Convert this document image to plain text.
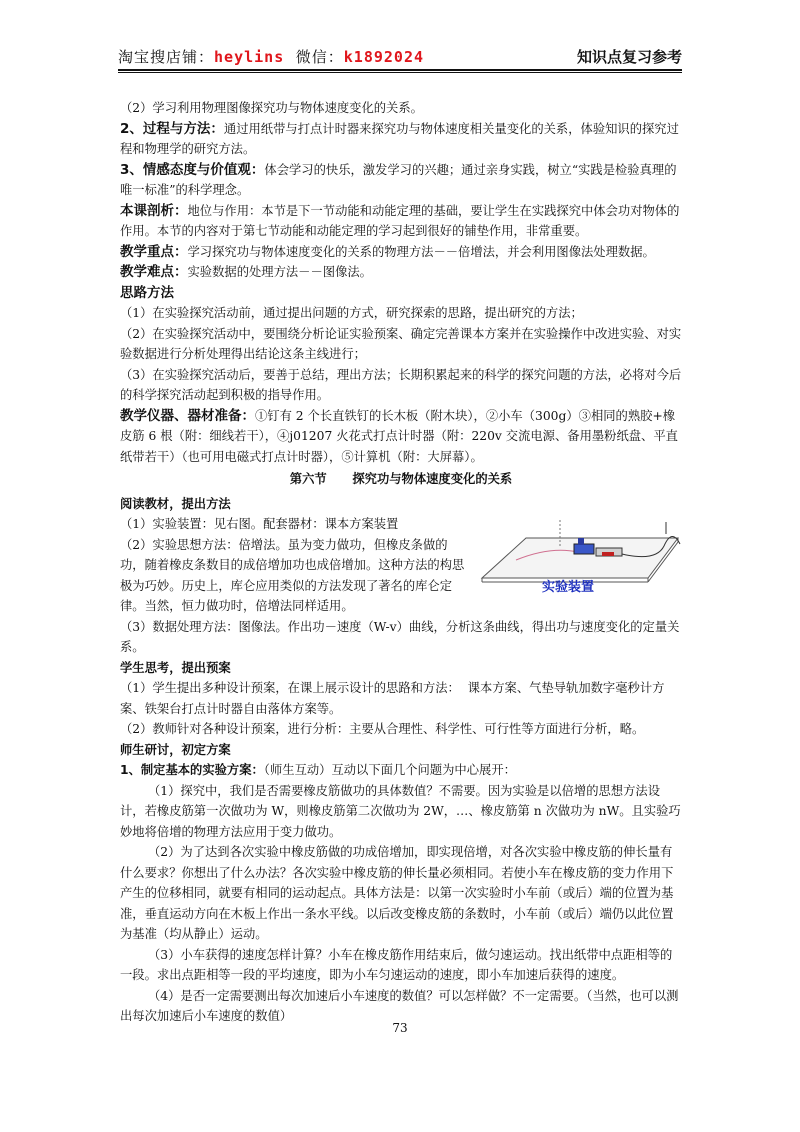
淘宝搜店铺：heylins  微信：k1892024	知识点复习参考

（2）学习利用物理图像探究功与物体速度变化的关系。

2、过程与方法：通过用纸带与打点计时器来探究功与物体速度相关量变化的关系，体验知识的探究过程和物理学的研究方法。

3、情感态度与价值观：体会学习的快乐，激发学习的兴趣；通过亲身实践，树立“实践是检验真理的唯一标准”的科学理念。

本课剖析：地位与作用：本节是下一节动能和动能定理的基础，要让学生在实践探究中体会功对物体的作用。本节的内容对于第七节动能和动能定理的学习起到很好的铺垫作用，非常重要。

教学重点：学习探究功与物体速度变化的关系的物理方法－－倍增法，并会利用图像法处理数据。

教学难点：实验数据的处理方法－－图像法。

思路方法

（1）在实验探究活动前，通过提出问题的方式，研究探索的思路，提出研究的方法；

（2）在实验探究活动中，要围绕分析论证实验预案、确定完善课本方案并在实验操作中改进实验、对实验数据进行分析处理得出结论这条主线进行；

（3）在实验探究活动后，要善于总结，理出方法；长期积累起来的科学的探究问题的方法，必将对今后的科学探究活动起到积极的指导作用。

教学仪器、器材准备：①钉有 2 个长直铁钉的长木板（附木块），②小车（300g）③相同的熟胶+橡皮筋 6 根（附：细线若干），④j01207 火花式打点计时器（附：220v 交流电源、备用墨粉纸盘、平直纸带若干）（也可用电磁式打点计时器），⑤计算机（附：大屏幕）。

第六节      探究功与物体速度变化的关系

阅读教材，提出方法

实验装置

（1）实验装置：见右图。配套器材：课本方案装置

（2）实验思想方法：倍增法。虽为变力做功，但橡皮条做的功，随着橡皮条数目的成倍增加功也成倍增加。这种方法的构思极为巧妙。历史上，库仑应用类似的方法发现了著名的库仑定律。当然，恒力做功时，倍增法同样适用。

（3）数据处理方法：图像法。作出功－速度（W-v）曲线，分析这条曲线，得出功与速度变化的定量关系。

学生思考，提出预案

（1）学生提出多种设计预案，在课上展示设计的思路和方法：  课本方案、气垫导轨加数字毫秒计方案、铁架台打点计时器自由落体方案等。

（2）教师针对各种设计预案，进行分析：主要从合理性、科学性、可行性等方面进行分析，略。

师生研讨，初定方案

1、制定基本的实验方案：（师生互动）互动以下面几个问题为中心展开：

（1）探究中，我们是否需要橡皮筋做功的具体数值？不需要。因为实验是以倍增的思想方法设计，若橡皮筋第一次做功为 W，则橡皮筋第二次做功为 2W，…、橡皮筋第 n 次做功为 nW。且实验巧妙地将倍增的物理方法应用于变力做功。

（2）为了达到各次实验中橡皮筋做的功成倍增加，即实现倍增，对各次实验中橡皮筋的伸长量有什么要求？你想出了什么办法？各次实验中橡皮筋的伸长量必须相同。若使小车在橡皮筋的变力作用下产生的位移相同，就要有相同的运动起点。具体方法是：以第一次实验时小车前（或后）端的位置为基准，垂直运动方向在木板上作出一条水平线。以后改变橡皮筋的条数时，小车前（或后）端仍以此位置为基准（均从静止）运动。

（3）小车获得的速度怎样计算？小车在橡皮筋作用结束后，做匀速运动。找出纸带中点距相等的一段。求出点距相等一段的平均速度，即为小车匀速运动的速度，即小车加速后获得的速度。

（4）是否一定需要测出每次加速后小车速度的数值？可以怎样做？不一定需要。（当然，也可以测出每次加速后小车速度的数值）

73
